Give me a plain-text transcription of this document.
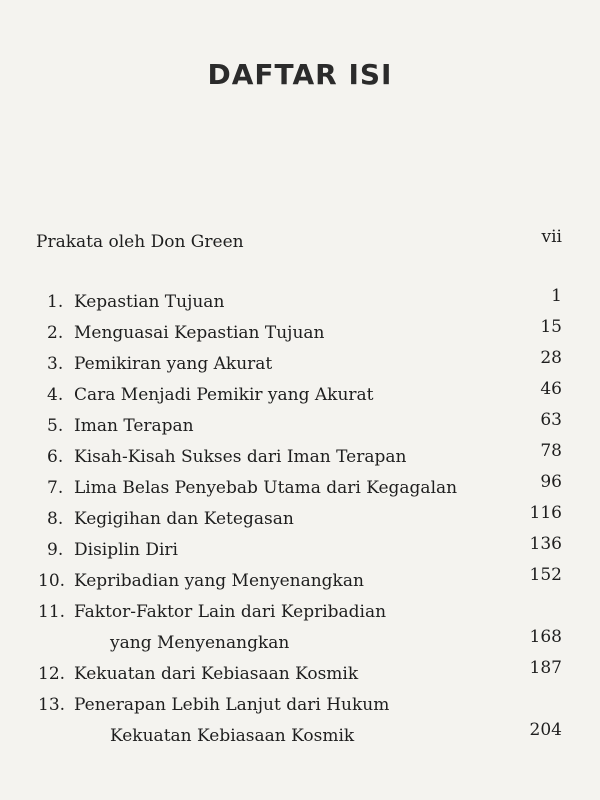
DAFTAR ISI
Prakata oleh Don Green	vii
1. Kepastian Tujuan	1
2. Menguasai Kepastian Tujuan	15
3. Pemikiran yang Akurat	28
4. Cara Menjadi Pemikir yang Akurat	46
5. Iman Terapan	63
6. Kisah-Kisah Sukses dari Iman Terapan	78
7. Lima Belas Penyebab Utama dari Kegagalan	96
8. Kegigihan dan Ketegasan	116
9. Disiplin Diri	136
10. Kepribadian yang Menyenangkan	152
11. Faktor-Faktor Lain dari Kepribadian
yang Menyenangkan	168
12. Kekuatan dari Kebiasaan Kosmik	187
13. Penerapan Lebih Lanjut dari Hukum
Kekuatan Kebiasaan Kosmik	204
